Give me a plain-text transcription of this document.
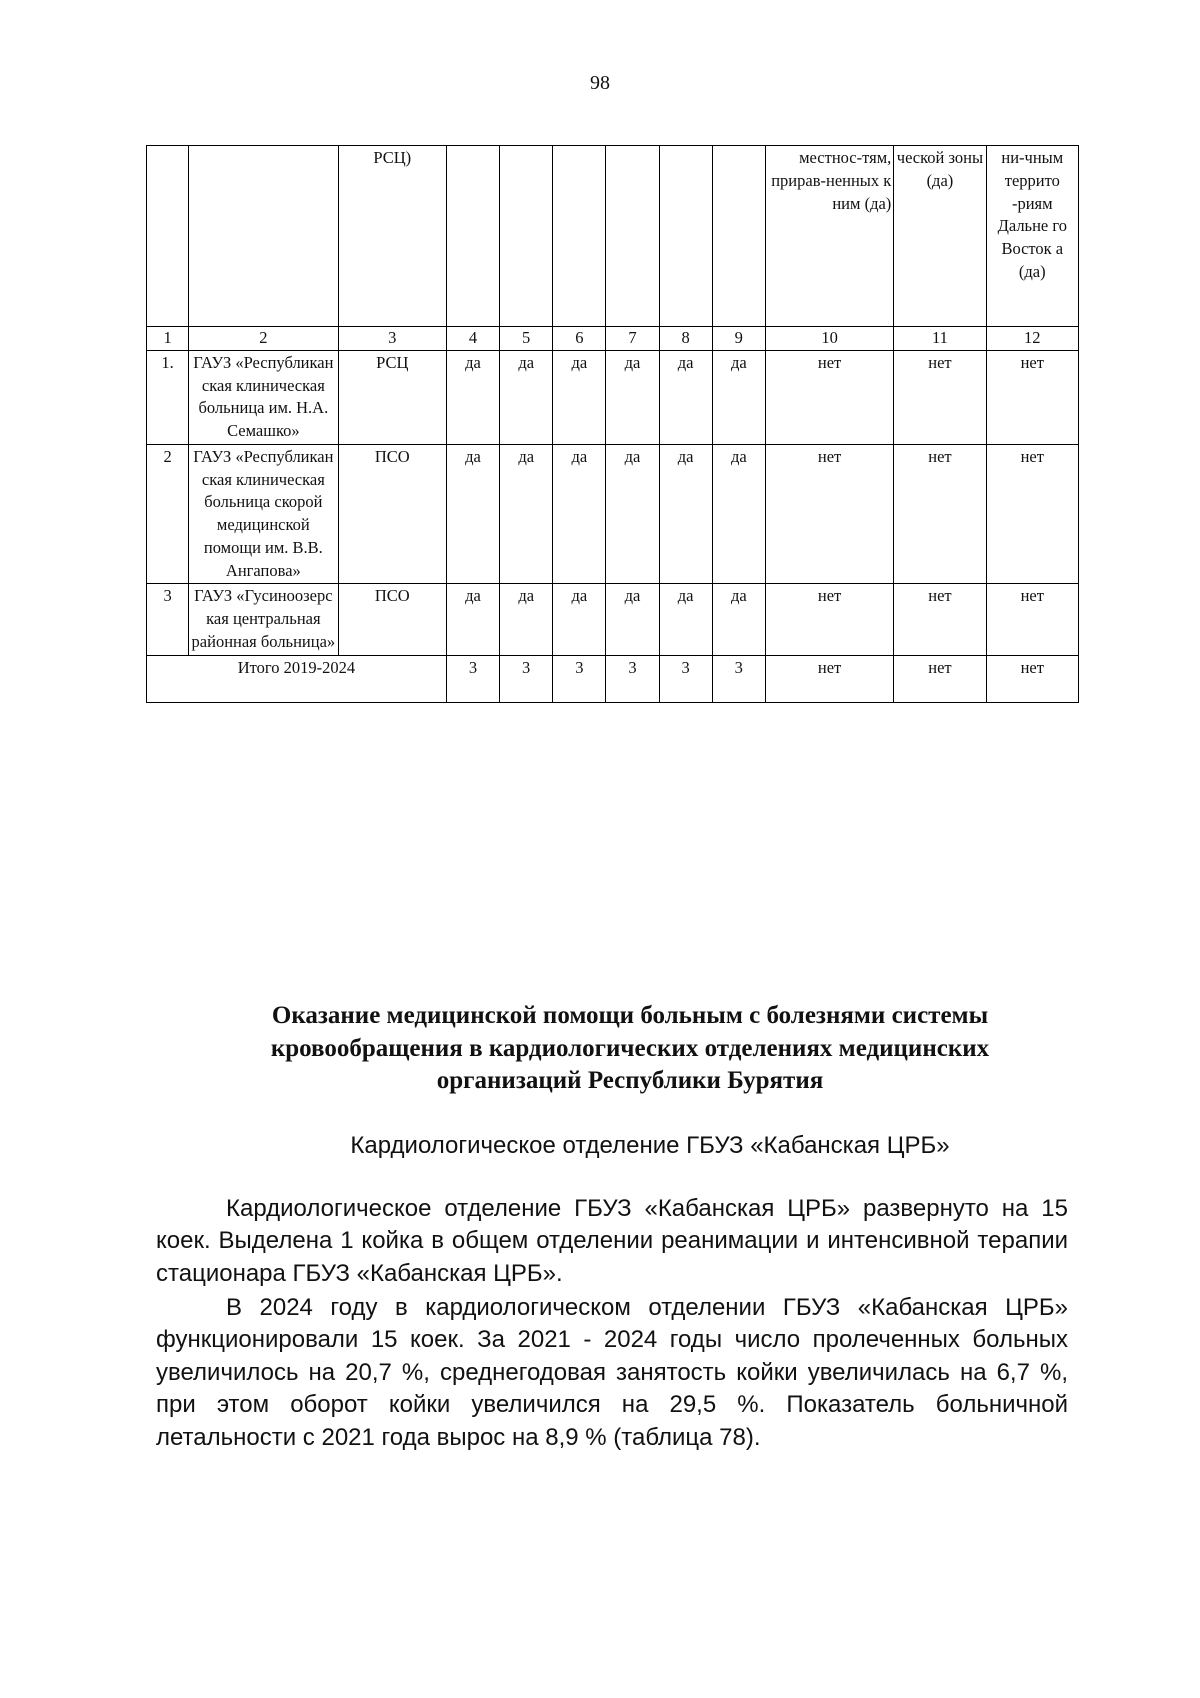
98
		РСЦ)							местнос-тям, прирав-ненных к ним (да)	ческой зоны (да)	ни-чным террито -риям Дальне го Восток а (да)
1	2	3	4	5	6	7	8	9	10	11	12
1.	ГАУЗ «Республикан ская клиническая больница им. Н.А. Семашко»	РСЦ	да	да	да	да	да	да	нет	нет	нет
2	ГАУЗ «Республикан ская клиническая больница скорой медицинской помощи им. В.В. Ангапова»	ПСО	да	да	да	да	да	да	нет	нет	нет
3	ГАУЗ «Гусиноозерс кая центральная районная больница»	ПСО	да	да	да	да	да	да	нет	нет	нет
Итого 2019-2024			3	3	3	3	3	3	нет	нет	нет
Оказание медицинской помощи больным с болезнями системы кровообращения в кардиологических отделениях медицинских организаций Республики Бурятия
Кардиологическое отделение ГБУЗ «Кабанская ЦРБ»

Кардиологическое отделение ГБУЗ «Кабанская ЦРБ» развернуто на 15 коек. Выделена 1 койка в общем отделении реанимации и интенсивной терапии стационара ГБУЗ «Кабанская ЦРБ».

В 2024 году в кардиологическом отделении ГБУЗ «Кабанская ЦРБ» функционировали 15 коек. За 2021 - 2024 годы число пролеченных больных увеличилось на 20,7 %, среднегодовая занятость койки увеличилась на 6,7 %, при этом оборот койки увеличился на 29,5 %. Показатель больничной летальности с 2021 года вырос на 8,9 % (таблица 78).
